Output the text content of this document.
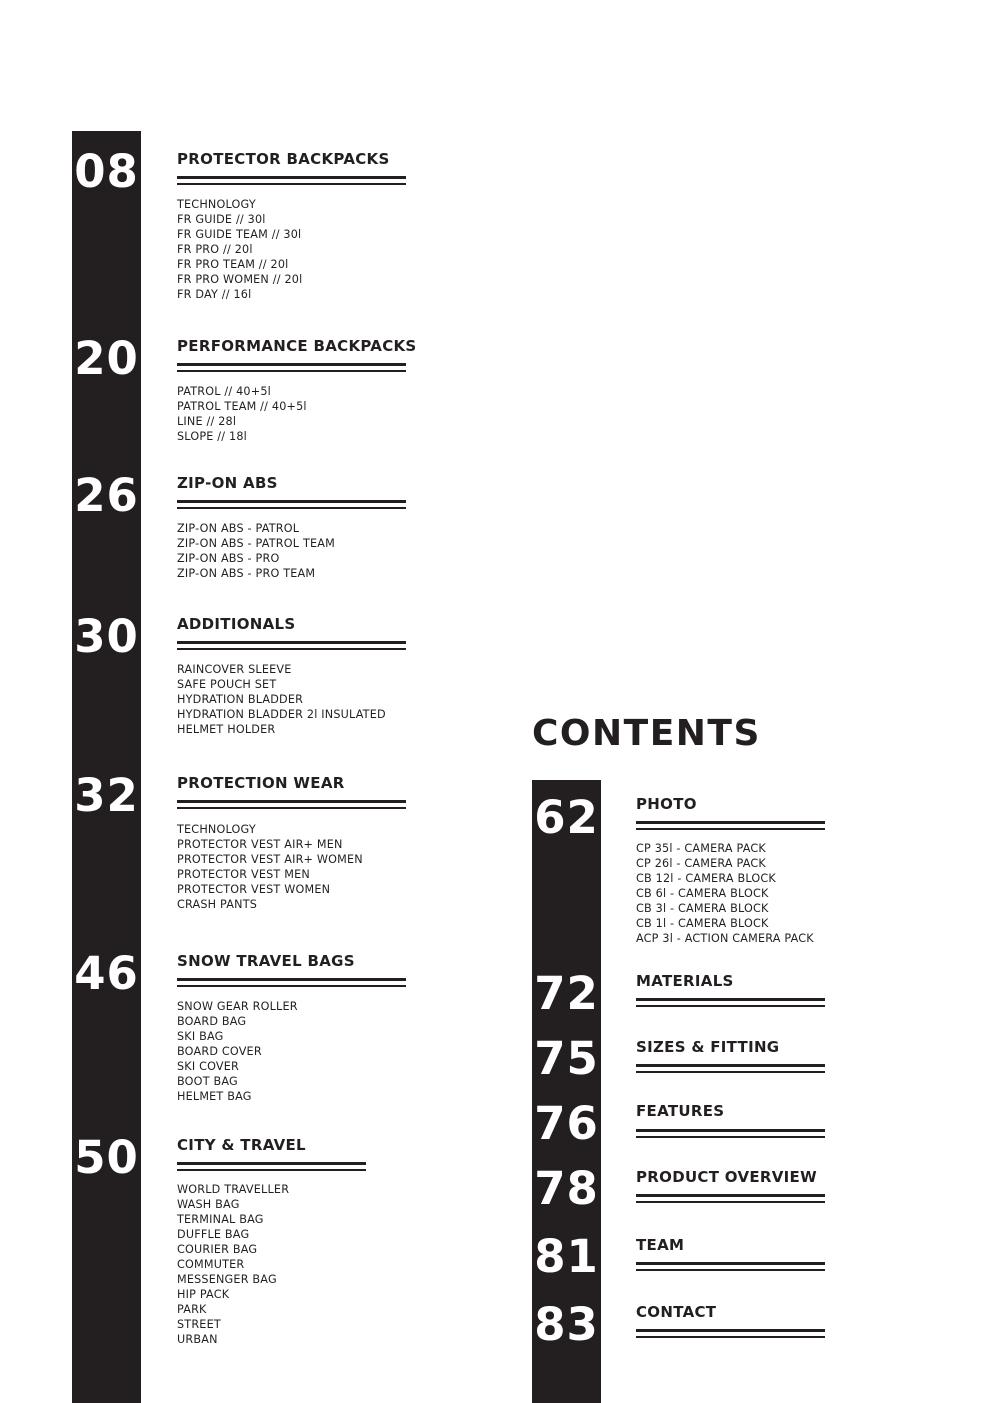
08	PROTECTOR BACKPACKS
TECHNOLOGY
FR GUIDE // 30l
FR GUIDE TEAM // 30l
FR PRO // 20l
FR PRO TEAM // 20l
FR PRO WOMEN // 20l
FR DAY // 16l
20	PERFORMANCE BACKPACKS
PATROL // 40+5l
PATROL TEAM // 40+5l
LINE // 28l
SLOPE // 18l
26	ZIP-ON ABS
ZIP-ON ABS - PATROL
ZIP-ON ABS - PATROL TEAM
ZIP-ON ABS - PRO
ZIP-ON ABS - PRO TEAM
30	ADDITIONALS
RAINCOVER SLEEVE
SAFE POUCH SET
HYDRATION BLADDER
HYDRATION BLADDER 2l INSULATED
HELMET HOLDER
32	PROTECTION WEAR
TECHNOLOGY
PROTECTOR VEST AIR+ MEN
PROTECTOR VEST AIR+ WOMEN
PROTECTOR VEST MEN
PROTECTOR VEST WOMEN
CRASH PANTS
46	SNOW TRAVEL BAGS
SNOW GEAR ROLLER
BOARD BAG
SKI BAG
BOARD COVER
SKI COVER
BOOT BAG
HELMET BAG
50	CITY & TRAVEL
WORLD TRAVELLER
WASH BAG
TERMINAL BAG
DUFFLE BAG
COURIER BAG
COMMUTER
MESSENGER BAG
HIP PACK
PARK
STREET
URBAN
CONTENTS
62 PHOTO
CP 35l - CAMERA PACK
CP 26l - CAMERA PACK
CB 12l - CAMERA BLOCK
CB 6l - CAMERA BLOCK
CB 3l - CAMERA BLOCK
CB 1l - CAMERA BLOCK
ACP 3l - ACTION CAMERA PACK
72 MATERIALS
75 SIZES & FITTING
76 FEATURES
78 PRODUCT OVERVIEW
81 TEAM
83 CONTACT
